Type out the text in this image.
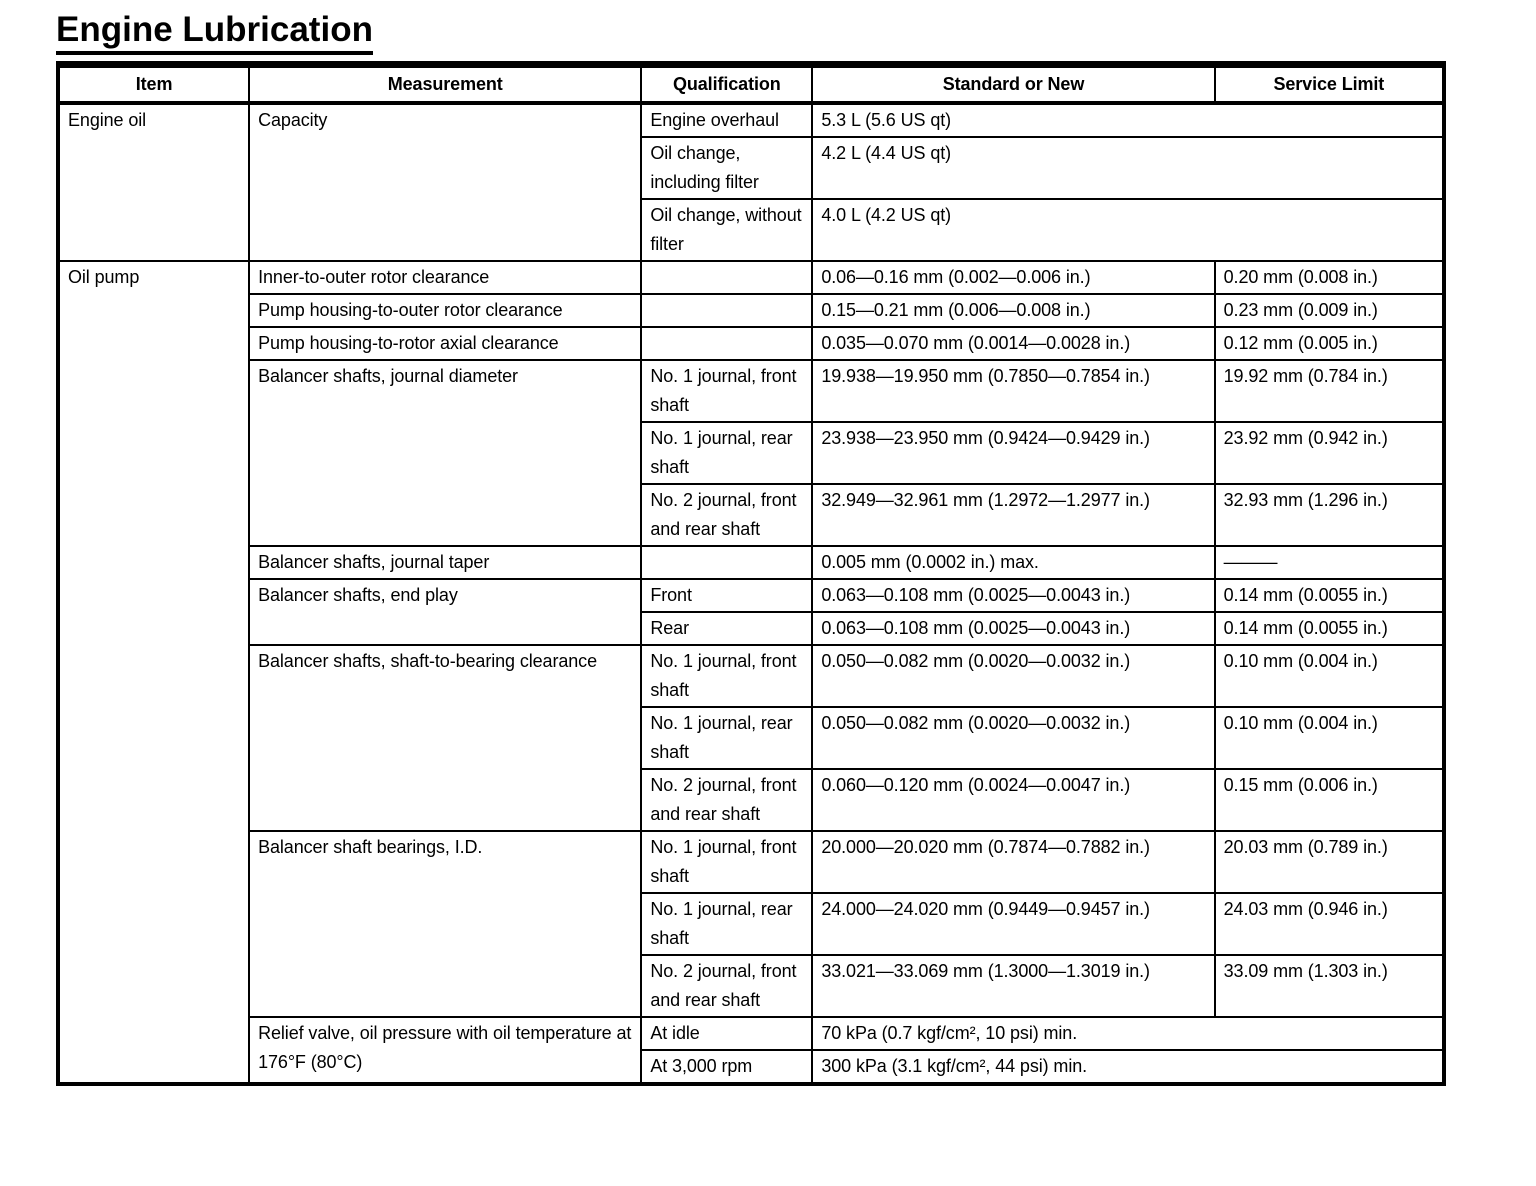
Engine Lubrication
Item	Measurement	Qualification	Standard or New	Service Limit
Engine oil	Capacity	Engine overhaul	5.3 L (5.6 US qt)	
		Oil change, including filter	4.2 L (4.4 US qt)	
		Oil change, without filter	4.0 L (4.2 US qt)	
Oil pump	Inner-to-outer rotor clearance		0.06—0.16 mm (0.002—0.006 in.)	0.20 mm (0.008 in.)
	Pump housing-to-outer rotor clearance		0.15—0.21 mm (0.006—0.008 in.)	0.23 mm (0.009 in.)
	Pump housing-to-rotor axial clearance		0.035—0.070 mm (0.0014—0.0028 in.)	0.12 mm (0.005 in.)
	Balancer shafts, journal diameter	No. 1 journal, front shaft	19.938—19.950 mm (0.7850—0.7854 in.)	19.92 mm (0.784 in.)
		No. 1 journal, rear shaft	23.938—23.950 mm (0.9424—0.9429 in.)	23.92 mm (0.942 in.)
		No. 2 journal, front and rear shaft	32.949—32.961 mm (1.2972—1.2977 in.)	32.93 mm (1.296 in.)
	Balancer shafts, journal taper		0.005 mm (0.0002 in.) max.	———
	Balancer shafts, end play	Front	0.063—0.108 mm (0.0025—0.0043 in.)	0.14 mm (0.0055 in.)
		Rear	0.063—0.108 mm (0.0025—0.0043 in.)	0.14 mm (0.0055 in.)
	Balancer shafts, shaft-to-bearing clearance	No. 1 journal, front shaft	0.050—0.082 mm (0.0020—0.0032 in.)	0.10 mm (0.004 in.)
		No. 1 journal, rear shaft	0.050—0.082 mm (0.0020—0.0032 in.)	0.10 mm (0.004 in.)
		No. 2 journal, front and rear shaft	0.060—0.120 mm (0.0024—0.0047 in.)	0.15 mm (0.006 in.)
	Balancer shaft bearings, I.D.	No. 1 journal, front shaft	20.000—20.020 mm (0.7874—0.7882 in.)	20.03 mm (0.789 in.)
		No. 1 journal, rear shaft	24.000—24.020 mm (0.9449—0.9457 in.)	24.03 mm (0.946 in.)
		No. 2 journal, front and rear shaft	33.021—33.069 mm (1.3000—1.3019 in.)	33.09 mm (1.303 in.)
	Relief valve, oil pressure with oil temperature at 176°F (80°C)	At idle	70 kPa (0.7 kgf/cm², 10 psi) min.	
		At 3,000 rpm	300 kPa (3.1 kgf/cm², 44 psi) min.	
